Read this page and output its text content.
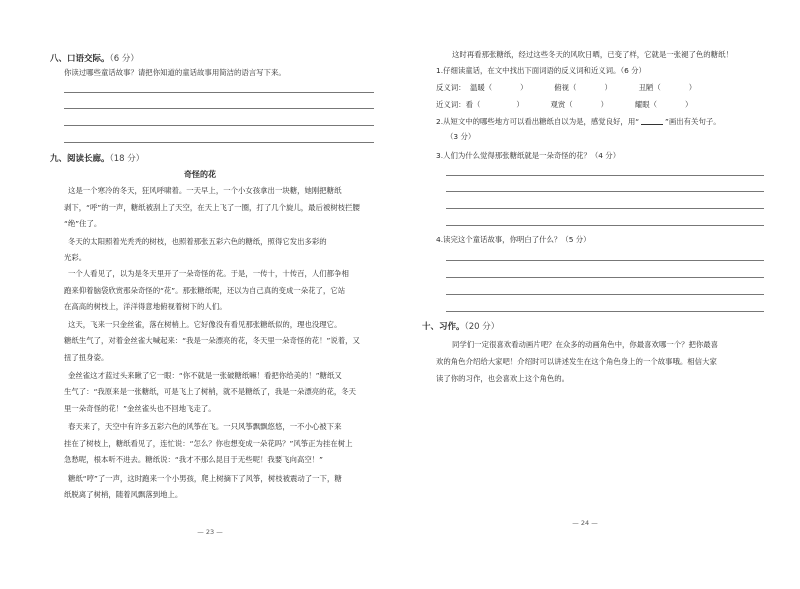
八、口语交际。（6 分）
你读过哪些童话故事？请把你知道的童话故事用简洁的语言写下来。
九、阅读长廊。（18 分）
奇怪的花
这是一个寒冷的冬天，狂风呼啸着。一天早上，一个小女孩拿出一块糖，她刚把糖纸
剥下，“呼”的一声，糖纸被刮上了天空，在天上飞了一圈，打了几个旋儿，最后被树枝拦腰
“绝”住了。
冬天的太阳照着光秃秃的树枝，也照着那张五彩六色的糖纸，照得它发出多彩的
光彩。
一个人看见了，以为是冬天里开了一朵奇怪的花。于是，一传十，十传百，人们都争相
跑来仰着脑袋欣赏那朵奇怪的“花”。那张糖纸呢，还以为自己真的变成一朵花了，它站
在高高的树枝上，洋洋得意地俯视着树下的人们。
这天，飞来一只金丝雀，落在树梢上。它好像没有看见那张糖纸似的，理也没理它。
糖纸生气了，对着金丝雀大喊起来：“我是一朵漂亮的花，冬天里一朵奇怪的花！”说着，又
扭了扭身姿。
金丝雀这才蓝过头来瞅了它一眼：“你不就是一张破糖纸嘛！看把你给美的！”糖纸又
生气了：“我原来是一张糖纸，可是飞上了树梢，就不是糖纸了，我是一朵漂亮的花，冬天
里一朵奇怪的花！”金丝雀头也不回地飞走了。
春天来了，天空中有许多五彩六色的风筝在飞。一只风筝飘飘悠悠，一不小心被下来
挂在了树枝上，糖纸看见了，连忙说：“怎么？你也想变成一朵花吗？”风筝正为挂在树上
急愁呢，根本听不进去。糖纸说：“我才不那么昆目于无些呢！我要飞向高空！”
糖纸“哼”了一声，这时跑来一个小男孩，爬上树摘下了风筝，树枝被震动了一下，糖
纸脱离了树梢，随着风飘落到地上。
— 23 —
这时再看那张糖纸，经过这些冬天的风吹日晒，已变了样，它就是一张褪了色的糖纸！
1.仔细读童话，在文中找出下面词语的反义词和近义词。（6 分）
反义词： 温暖（	）	俯视（	）	丑陋（	）
近义词：看（	）	观赏（	）	耀眼（	）
2.从短文中的哪些地方可以看出糖纸自以为是，感觉良好，用“	”画出有关句子。
（3 分）
3.人们为什么觉得那张糖纸就是一朵奇怪的花？（4 分）
4.读完这个童话故事，你明白了什么？（5 分）
十、习作。（20 分）
同学们一定很喜欢看动画片吧？在众多的动画角色中，你最喜欢哪一个？把你最喜
欢的角色介绍给大家吧！介绍时可以讲述发生在这个角色身上的一个故事哦。相信大家
读了你的习作，也会喜欢上这个角色的。
— 24 —
